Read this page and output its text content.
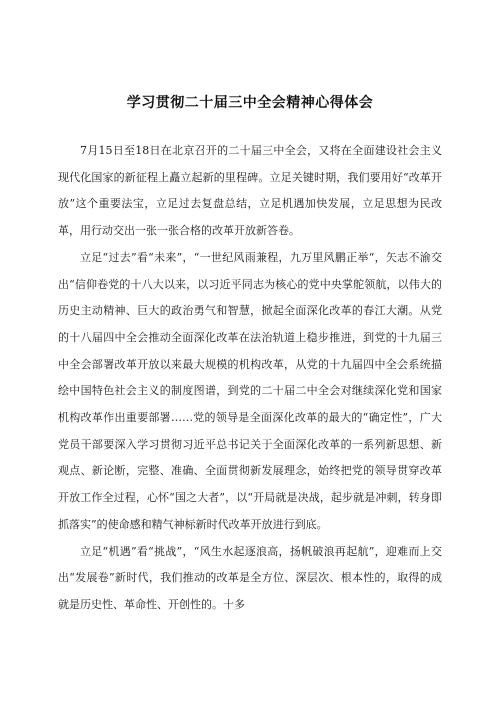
学习贯彻二十届三中全会精神心得体会

7月15日至18日在北京召开的二十届三中全会，又将在全面建设社会主义现代化国家的新征程上矗立起新的里程碑。立足关键时期，我们要用好“改革开放”这个重要法宝，立足过去复盘总结，立足机遇加快发展，立足思想为民改革，用行动交出一张一张合格的改革开放新答卷。

立足“过去”看“未来”，“一世纪风雨兼程，九万里风鹏正举“，矢志不渝交出“信仰卷党的十八大以来，以习近平同志为核心的党中央掌舵领航，以伟大的历史主动精神、巨大的政治勇气和智慧，掀起全面深化改革的春江大潮。从党的十八届四中全会推动全面深化改革在法治轨道上稳步推进，到党的十九届三中全会部署改革开放以来最大规模的机构改革，从党的十九届四中全会系统描绘中国特色社会主义的制度图谱，到党的二十届二中全会对继续深化党和国家机构改革作出重要部署……党的领导是全面深化改革的最大的“确定性”，广大党员干部要深入学习贯彻习近平总书记关于全面深化改革的一系列新思想、新观点、新论断，完整、准确、全面贯彻新发展理念，始终把党的领导贯穿改革开放工作全过程，心怀“国之大者”，以“开局就是决战，起步就是冲刺，转身即抓落实”的使命感和精气神标新时代改革开放进行到底。

立足“机遇”看“挑战”，“风生水起逐浪高，扬帆破浪再起航”，迎难而上交出“发展卷”新时代，我们推动的改革是全方位、深层次、根本性的，取得的成就是历史性、革命性、开创性的。十多
